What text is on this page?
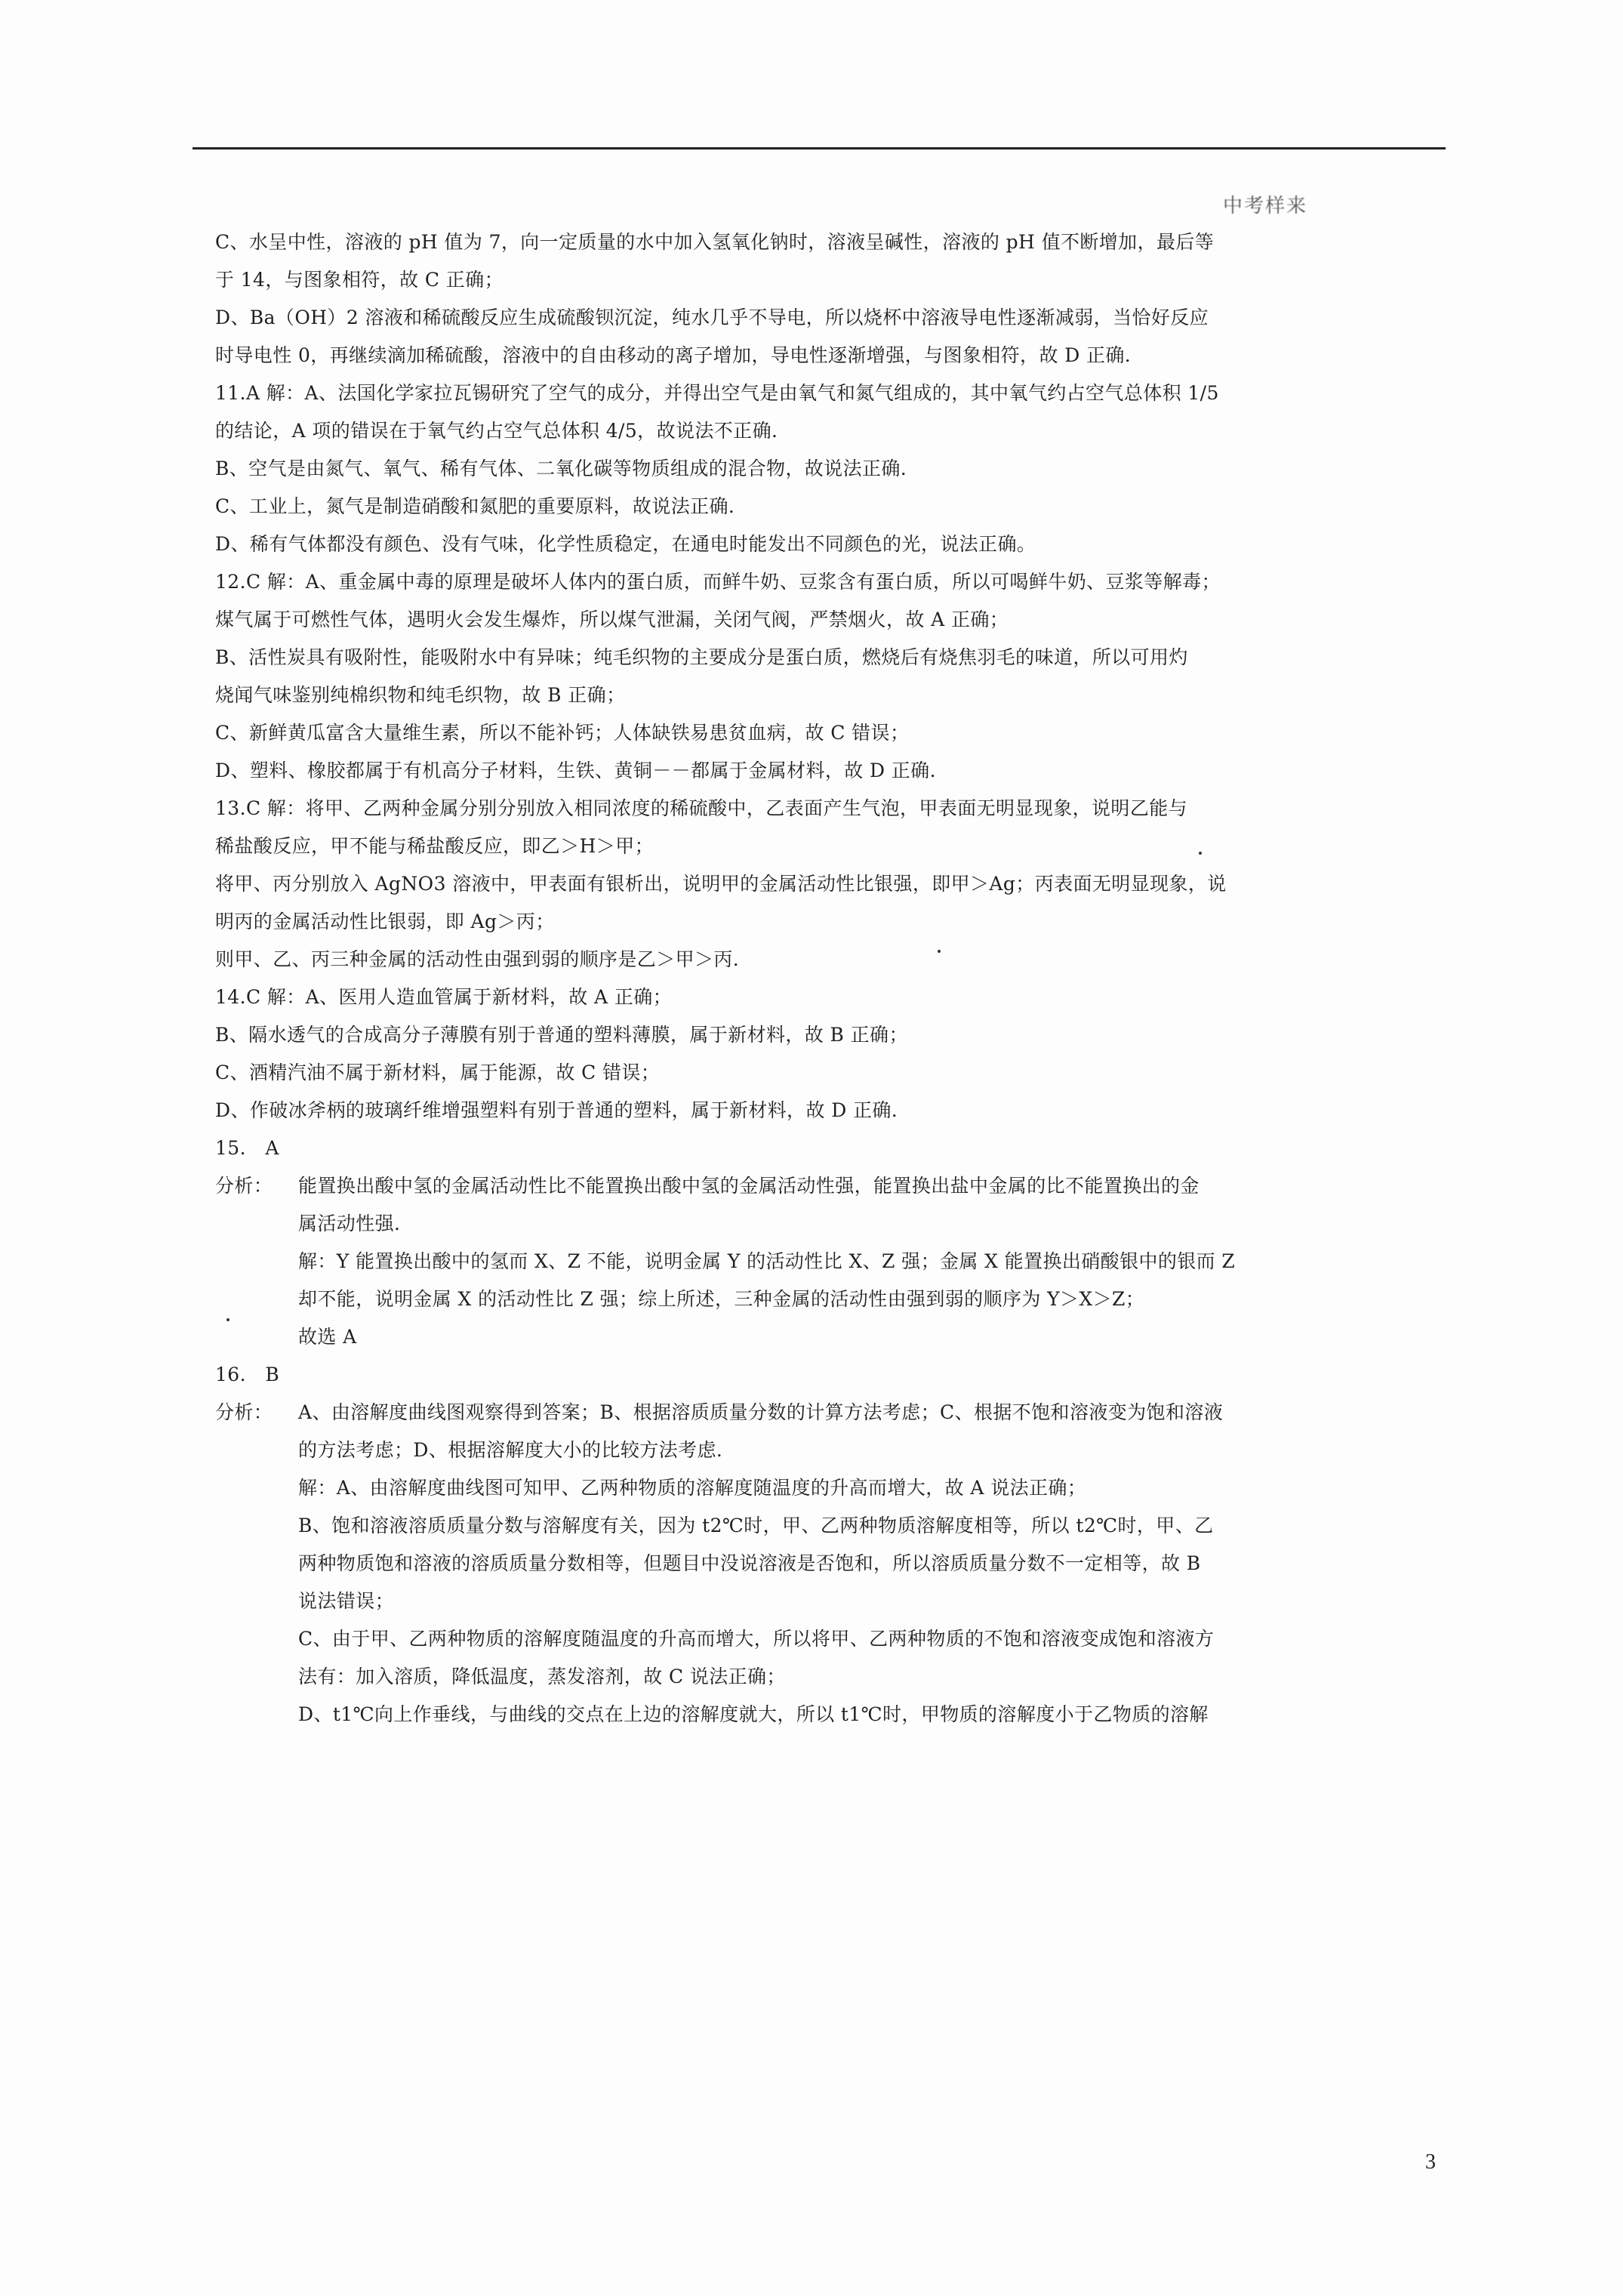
中考样来
C、水呈中性，溶液的 pH 值为 7，向一定质量的水中加入氢氧化钠时，溶液呈碱性，溶液的 pH 值不断增加，最后等
于 14，与图象相符，故 C 正确；
D、Ba（OH）2 溶液和稀硫酸反应生成硫酸钡沉淀，纯水几乎不导电，所以烧杯中溶液导电性逐渐减弱，当恰好反应
时导电性 0，再继续滴加稀硫酸，溶液中的自由移动的离子增加，导电性逐渐增强，与图象相符，故 D 正确.
11.A 解：A、法国化学家拉瓦锡研究了空气的成分，并得出空气是由氧气和氮气组成的，其中氧气约占空气总体积 1/5
的结论，A 项的错误在于氧气约占空气总体积 4/5，故说法不正确.
B、空气是由氮气、氧气、稀有气体、二氧化碳等物质组成的混合物，故说法正确.
C、工业上，氮气是制造硝酸和氮肥的重要原料，故说法正确.
D、稀有气体都没有颜色、没有气味，化学性质稳定，在通电时能发出不同颜色的光，说法正确。
12.C 解：A、重金属中毒的原理是破坏人体内的蛋白质，而鲜牛奶、豆浆含有蛋白质，所以可喝鲜牛奶、豆浆等解毒；
煤气属于可燃性气体，遇明火会发生爆炸，所以煤气泄漏，关闭气阀，严禁烟火，故 A 正确；
B、活性炭具有吸附性，能吸附水中有异味；纯毛织物的主要成分是蛋白质，燃烧后有烧焦羽毛的味道，所以可用灼
烧闻气味鉴别纯棉织物和纯毛织物，故 B 正确；
C、新鲜黄瓜富含大量维生素，所以不能补钙；人体缺铁易患贫血病，故 C 错误；
D、塑料、橡胶都属于有机高分子材料，生铁、黄铜－－都属于金属材料，故 D 正确.
13.C 解：将甲、乙两种金属分别分别放入相同浓度的稀硫酸中，乙表面产生气泡，甲表面无明显现象，说明乙能与
稀盐酸反应，甲不能与稀盐酸反应，即乙＞H＞甲；
将甲、丙分别放入 AgNO3 溶液中，甲表面有银析出，说明甲的金属活动性比银强，即甲＞Ag；丙表面无明显现象，说
明丙的金属活动性比银弱，即 Ag＞丙；
则甲、乙、丙三种金属的活动性由强到弱的顺序是乙＞甲＞丙.
14.C 解：A、医用人造血管属于新材料，故 A 正确；
B、隔水透气的合成高分子薄膜有别于普通的塑料薄膜，属于新材料，故 B 正确；
C、酒精汽油不属于新材料，属于能源，故 C 错误；
D、作破冰斧柄的玻璃纤维增强塑料有别于普通的塑料，属于新材料，故 D 正确.
15.　A
分析：	能置换出酸中氢的金属活动性比不能置换出酸中氢的金属活动性强，能置换出盐中金属的比不能置换出的金
属活动性强.
解：Y 能置换出酸中的氢而 X、Z 不能，说明金属 Y 的活动性比 X、Z 强；金属 X 能置换出硝酸银中的银而 Z
却不能，说明金属 X 的活动性比 Z 强；综上所述，三种金属的活动性由强到弱的顺序为 Y＞X＞Z；
故选 A
16.　B
分析：	A、由溶解度曲线图观察得到答案；B、根据溶质质量分数的计算方法考虑；C、根据不饱和溶液变为饱和溶液
的方法考虑；D、根据溶解度大小的比较方法考虑.
解：A、由溶解度曲线图可知甲、乙两种物质的溶解度随温度的升高而增大，故 A 说法正确；
B、饱和溶液溶质质量分数与溶解度有关，因为 t2℃时，甲、乙两种物质溶解度相等，所以 t2℃时，甲、乙
两种物质饱和溶液的溶质质量分数相等，但题目中没说溶液是否饱和，所以溶质质量分数不一定相等，故 B
说法错误；
C、由于甲、乙两种物质的溶解度随温度的升高而增大，所以将甲、乙两种物质的不饱和溶液变成饱和溶液方
法有：加入溶质，降低温度，蒸发溶剂，故 C 说法正确；
D、t1℃向上作垂线，与曲线的交点在上边的溶解度就大，所以 t1℃时，甲物质的溶解度小于乙物质的溶解
3
